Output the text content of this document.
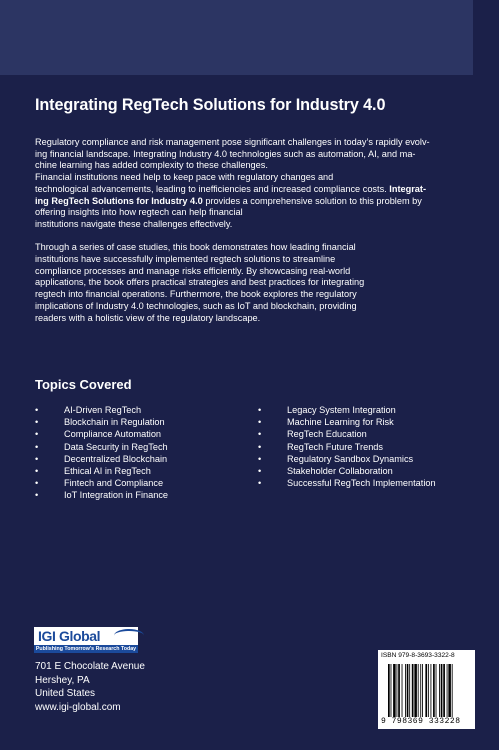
Integrating RegTech Solutions for Industry 4.0

Regulatory compliance and risk management pose significant challenges in today’s rapidly evolv-
ing financial landscape. Integrating Industry 4.0 technologies such as automation, AI, and ma-
chine learning has added complexity to these challenges.
Financial institutions need help to keep pace with regulatory changes and
technological advancements, leading to inefficiencies and increased compliance costs. Integrat-
ing RegTech Solutions for Industry 4.0 provides a comprehensive solution to this problem by
offering insights into how regtech can help financial
institutions navigate these challenges effectively.

Through a series of case studies, this book demonstrates how leading financial
institutions have successfully implemented regtech solutions to streamline
compliance processes and manage risks efficiently. By showcasing real-world
applications, the book offers practical strategies and best practices for integrating
regtech into financial operations. Furthermore, the book explores the regulatory
implications of Industry 4.0 technologies, such as IoT and blockchain, providing
readers with a holistic view of the regulatory landscape.

Topics Covered
•	AI-Driven RegTech
•	Blockchain in Regulation
•	Compliance Automation
•	Data Security in RegTech
•	Decentralized Blockchain
•	Ethical AI in RegTech
•	Fintech and Compliance
•	IoT Integration in Finance
•	Legacy System Integration
•	Machine Learning for Risk
•	RegTech Education
•	RegTech Future Trends
•	Regulatory Sandbox Dynamics
•	Stakeholder Collaboration
•	Successful RegTech Implementation
IGI Global
Publishing Tomorrow’s Research Today
701 E Chocolate Avenue
Hershey, PA
United States
www.igi-global.com
ISBN 979-8-3693-3322-8
9 798369 333228
